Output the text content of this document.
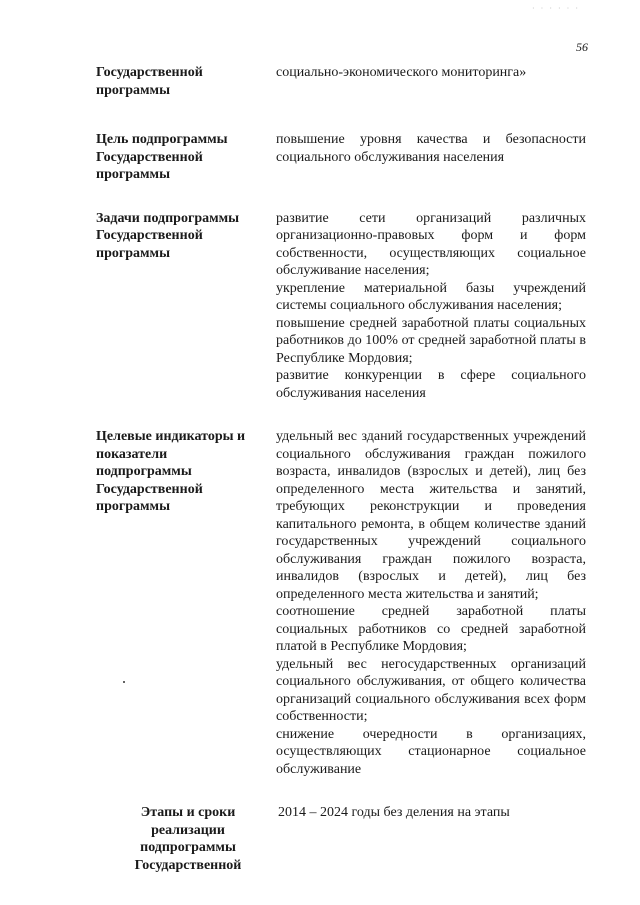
· · · · · ·
56
Государственной
программы
социально-экономического мониторинга»
Цель подпрограммы
Государственной
программы
повышение уровня качества и безопасности социального обслуживания населения
Задачи подпрограммы
Государственной
программы
развитие сети организаций различных организационно-правовых форм и форм собственности, осуществляющих социальное обслуживание населения;
укрепление материальной базы учреждений системы социального обслуживания населения;
повышение средней заработной платы социальных работников до 100% от средней заработной платы в Республике Мордовия;
развитие конкуренции в сфере социального обслуживания населения
Целевые индикаторы и
показатели
подпрограммы
Государственной
программы
удельный вес зданий государственных учреждений социального обслуживания граждан пожилого возраста, инвалидов (взрослых и детей), лиц без определенного места жительства и занятий, требующих реконструкции и проведения капитального ремонта, в общем количестве зданий государственных учреждений социального обслуживания граждан пожилого возраста, инвалидов (взрослых и детей), лиц без определенного места жительства и занятий;
соотношение средней заработной платы социальных работников со средней заработной платой в Республике Мордовия;
удельный вес негосударственных организаций социального обслуживания, от общего количества организаций социального обслуживания всех форм собственности;
снижение очередности в организациях, осуществляющих стационарное социальное обслуживание
Этапы и сроки
реализации
подпрограммы
Государственной
2014 – 2024 годы без деления на этапы
